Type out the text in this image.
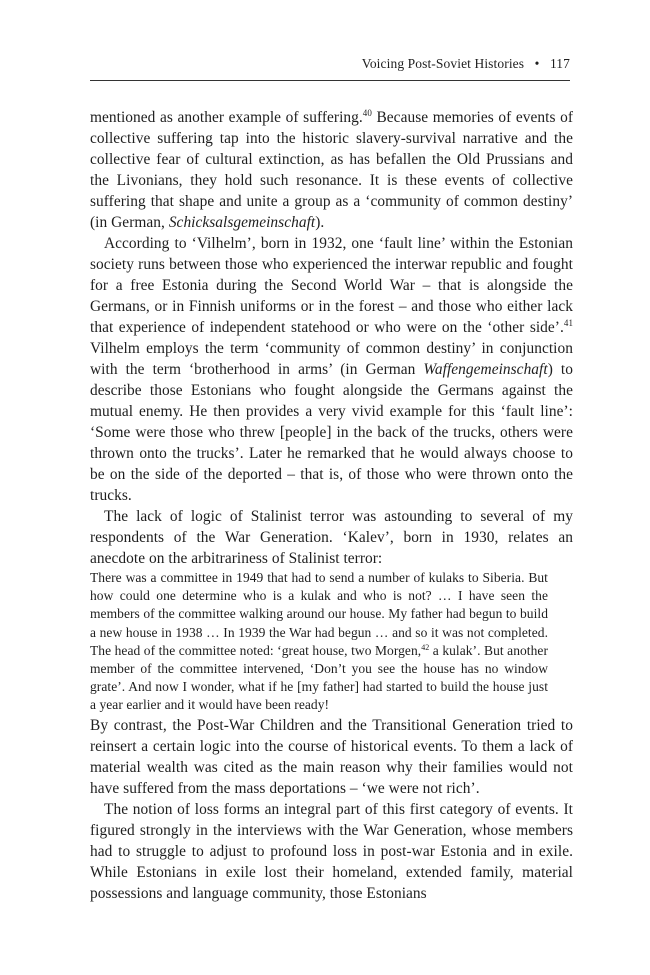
Voicing Post-Soviet Histories • 117

mentioned as another example of suffering.$^{40}$ Because memories of events of collective suffering tap into the historic slavery-survival narrative and the collective fear of cultural extinction, as has befallen the Old Prussians and the Livonians, they hold such resonance. It is these events of collective suffering that shape and unite a group as a ‘community of common destiny’ (in German, Schicksalsgemeinschaft).

According to ‘Vilhelm’, born in 1932, one ‘fault line’ within the Estonian society runs between those who experienced the interwar republic and fought for a free Estonia during the Second World War – that is alongside the Germans, or in Finnish uniforms or in the forest – and those who either lack that experience of independent statehood or who were on the ‘other side’.$^{41}$ Vilhelm employs the term ‘community of common destiny’ in conjunction with the term ‘brotherhood in arms’ (in German Waffengemeinschaft) to describe those Estonians who fought alongside the Germans against the mutual enemy. He then provides a very vivid example for this ‘fault line’: ‘Some were those who threw [people] in the back of the trucks, others were thrown onto the trucks’. Later he remarked that he would always choose to be on the side of the deported – that is, of those who were thrown onto the trucks.

The lack of logic of Stalinist terror was astounding to several of my respondents of the War Generation. ‘Kalev’, born in 1930, relates an anecdote on the arbitrariness of Stalinist terror:

There was a committee in 1949 that had to send a number of kulaks to Siberia. But how could one determine who is a kulak and who is not? … I have seen the members of the committee walking around our house. My father had begun to build a new house in 1938 … In 1939 the War had begun … and so it was not completed. The head of the committee noted: ‘great house, two Morgen,$^{42}$ a kulak’. But another member of the committee intervened, ‘Don’t you see the house has no window grate’. And now I wonder, what if he [my father] had started to build the house just a year earlier and it would have been ready!

By contrast, the Post-War Children and the Transitional Generation tried to reinsert a certain logic into the course of historical events. To them a lack of material wealth was cited as the main reason why their families would not have suffered from the mass deportations – ‘we were not rich’.

The notion of loss forms an integral part of this first category of events. It figured strongly in the interviews with the War Generation, whose members had to struggle to adjust to profound loss in post-war Estonia and in exile. While Estonians in exile lost their homeland, extended family, material possessions and language community, those Estonians
